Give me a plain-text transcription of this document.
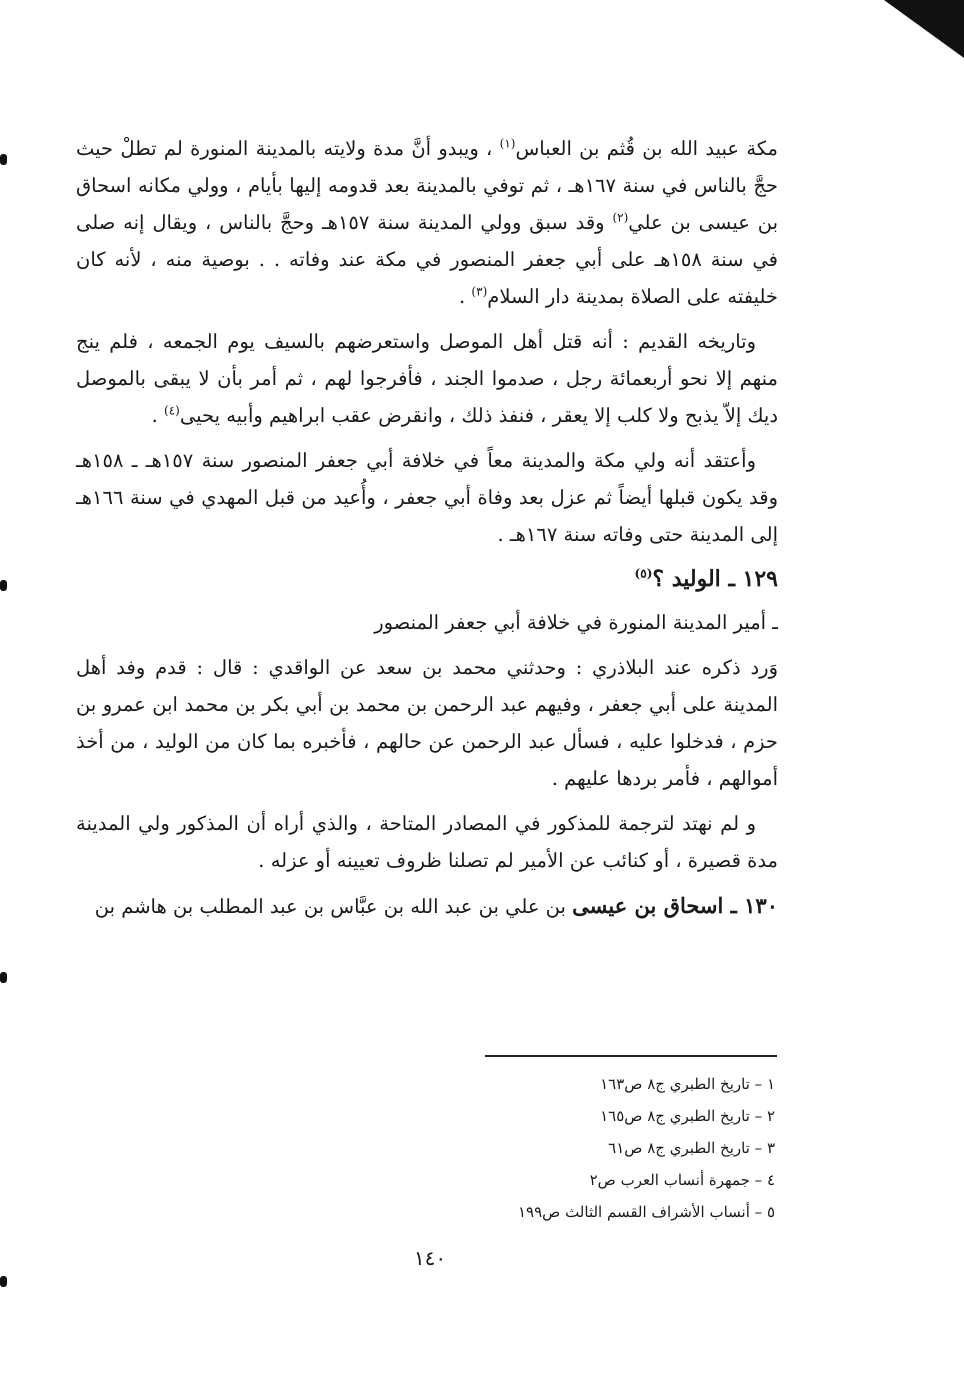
مكة عبيد الله بن قُثم بن العباس$^{(١)}$ ، ويبدو أنَّ مدة ولايته بالمدينة المنورة لم تطلْ حيث حجَّ بالناس في سنة ١٦٧هـ ، ثم توفي بالمدينة بعد قدومه إليها بأيام ، وولي مكانه اسحاق بن عيسى بن علي$^{(٢)}$ وقد سبق وولي المدينة سنة ١٥٧هـ وحجَّ بالناس ، ويقال إنه صلى في سنة ١٥٨هـ على أبي جعفر المنصور في مكة عند وفاته . . بوصية منه ، لأنه كان خليفته على الصلاة بمدينة دار السلام$^{(٣)}$ .

وتاريخه القديم : أنه قتل أهل الموصل واستعرضهم بالسيف يوم الجمعه ، فلم ينج منهم إلا نحو أربعمائة رجل ، صدموا الجند ، فأفرجوا لهم ، ثم أمر بأن لا يبقى بالموصل ديك إلاّ يذبح ولا كلب إلا يعقر ، فنفذ ذلك ، وانقرض عقب ابراهيم وأبيه يحيى$^{(٤)}$ .

وأعتقد أنه ولي مكة والمدينة معاً في خلافة أبي جعفر المنصور سنة ١٥٧هـ ـ ١٥٨هـ وقد يكون قبلها أيضاً ثم عزل بعد وفاة أبي جعفر ، وأُعيد من قبل المهدي في سنة ١٦٦هـ إلى المدينة حتى وفاته سنة ١٦٧هـ .

١٢٩ ـ الوليد ؟$^{(٥)}$

ـ أمير المدينة المنورة في خلافة أبي جعفر المنصور

وَرد ذكره عند البلاذري : وحدثني محمد بن سعد عن الواقدي : قال : قدم وفد أهل المدينة على أبي جعفر ، وفيهم عبد الرحمن بن محمد بن أبي بكر بن محمد ابن عمرو بن حزم ، فدخلوا عليه ، فسأل عبد الرحمن عن حالهم ، فأخبره بما كان من الوليد ، من أخذ أموالهم ، فأمر بردها عليهم .

و لم نهتد لترجمة للمذكور في المصادر المتاحة ، والذي أراه أن المذكور ولي المدينة مدة قصيرة ، أو كنائب عن الأمير لم تصلنا ظروف تعيينه أو عزله .

١٣٠ ـ اسحاق بن عيسى بن علي بن عبد الله بن عبَّاس بن عبد المطلب بن هاشم بن

١ – تاريخ الطبري ج٨ ص١٦٣

٢ – تاريخ الطبري ج٨ ص١٦٥

٣ – تاريخ الطبري ج٨ ص٦١

٤ – جمهرة أنساب العرب ص٢

٥ – أنساب الأشراف القسم الثالث ص١٩٩

١٤٠
